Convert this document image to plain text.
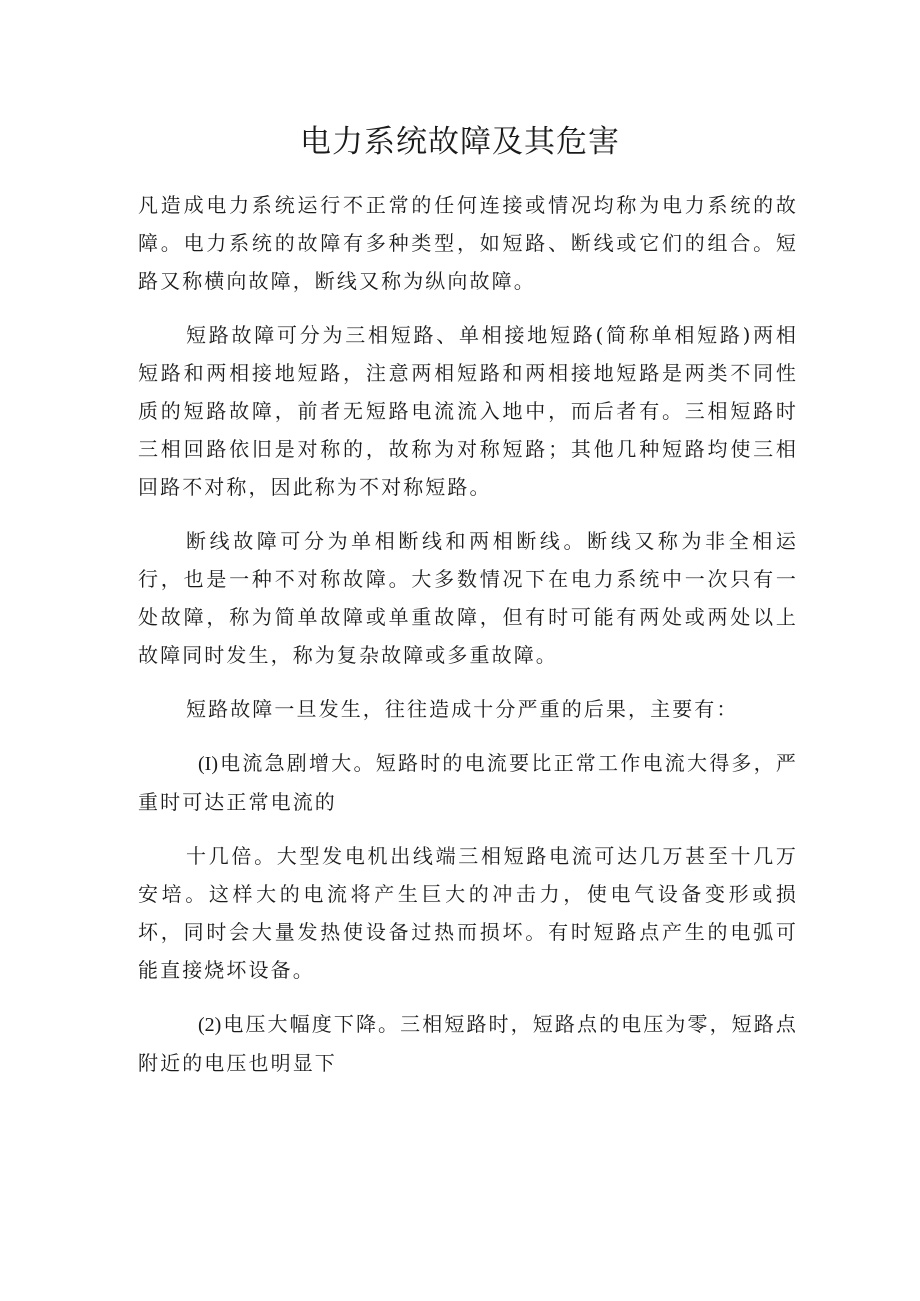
电力系统故障及其危害

凡造成电力系统运行不正常的任何连接或情况均称为电力系统的故障。电力系统的故障有多种类型，如短路、断线或它们的组合。短路又称横向故障，断线又称为纵向故障。

短路故障可分为三相短路、单相接地短路(简称单相短路)两相短路和两相接地短路，注意两相短路和两相接地短路是两类不同性质的短路故障，前者无短路电流流入地中，而后者有。三相短路时三相回路依旧是对称的，故称为对称短路；其他几种短路均使三相回路不对称，因此称为不对称短路。

断线故障可分为单相断线和两相断线。断线又称为非全相运行，也是一种不对称故障。大多数情况下在电力系统中一次只有一处故障，称为简单故障或单重故障，但有时可能有两处或两处以上故障同时发生，称为复杂故障或多重故障。

短路故障一旦发生，往往造成十分严重的后果，主要有：

(I) 电流急剧增大。短路时的电流要比正常工作电流大得多，严重时可达正常电流的

十几倍。大型发电机出线端三相短路电流可达几万甚至十几万安培。这样大的电流将产生巨大的冲击力，使电气设备变形或损坏，同时会大量发热使设备过热而损坏。有时短路点产生的电弧可能直接烧坏设备。

(2) 电压大幅度下降。三相短路时，短路点的电压为零，短路点附近的电压也明显下
